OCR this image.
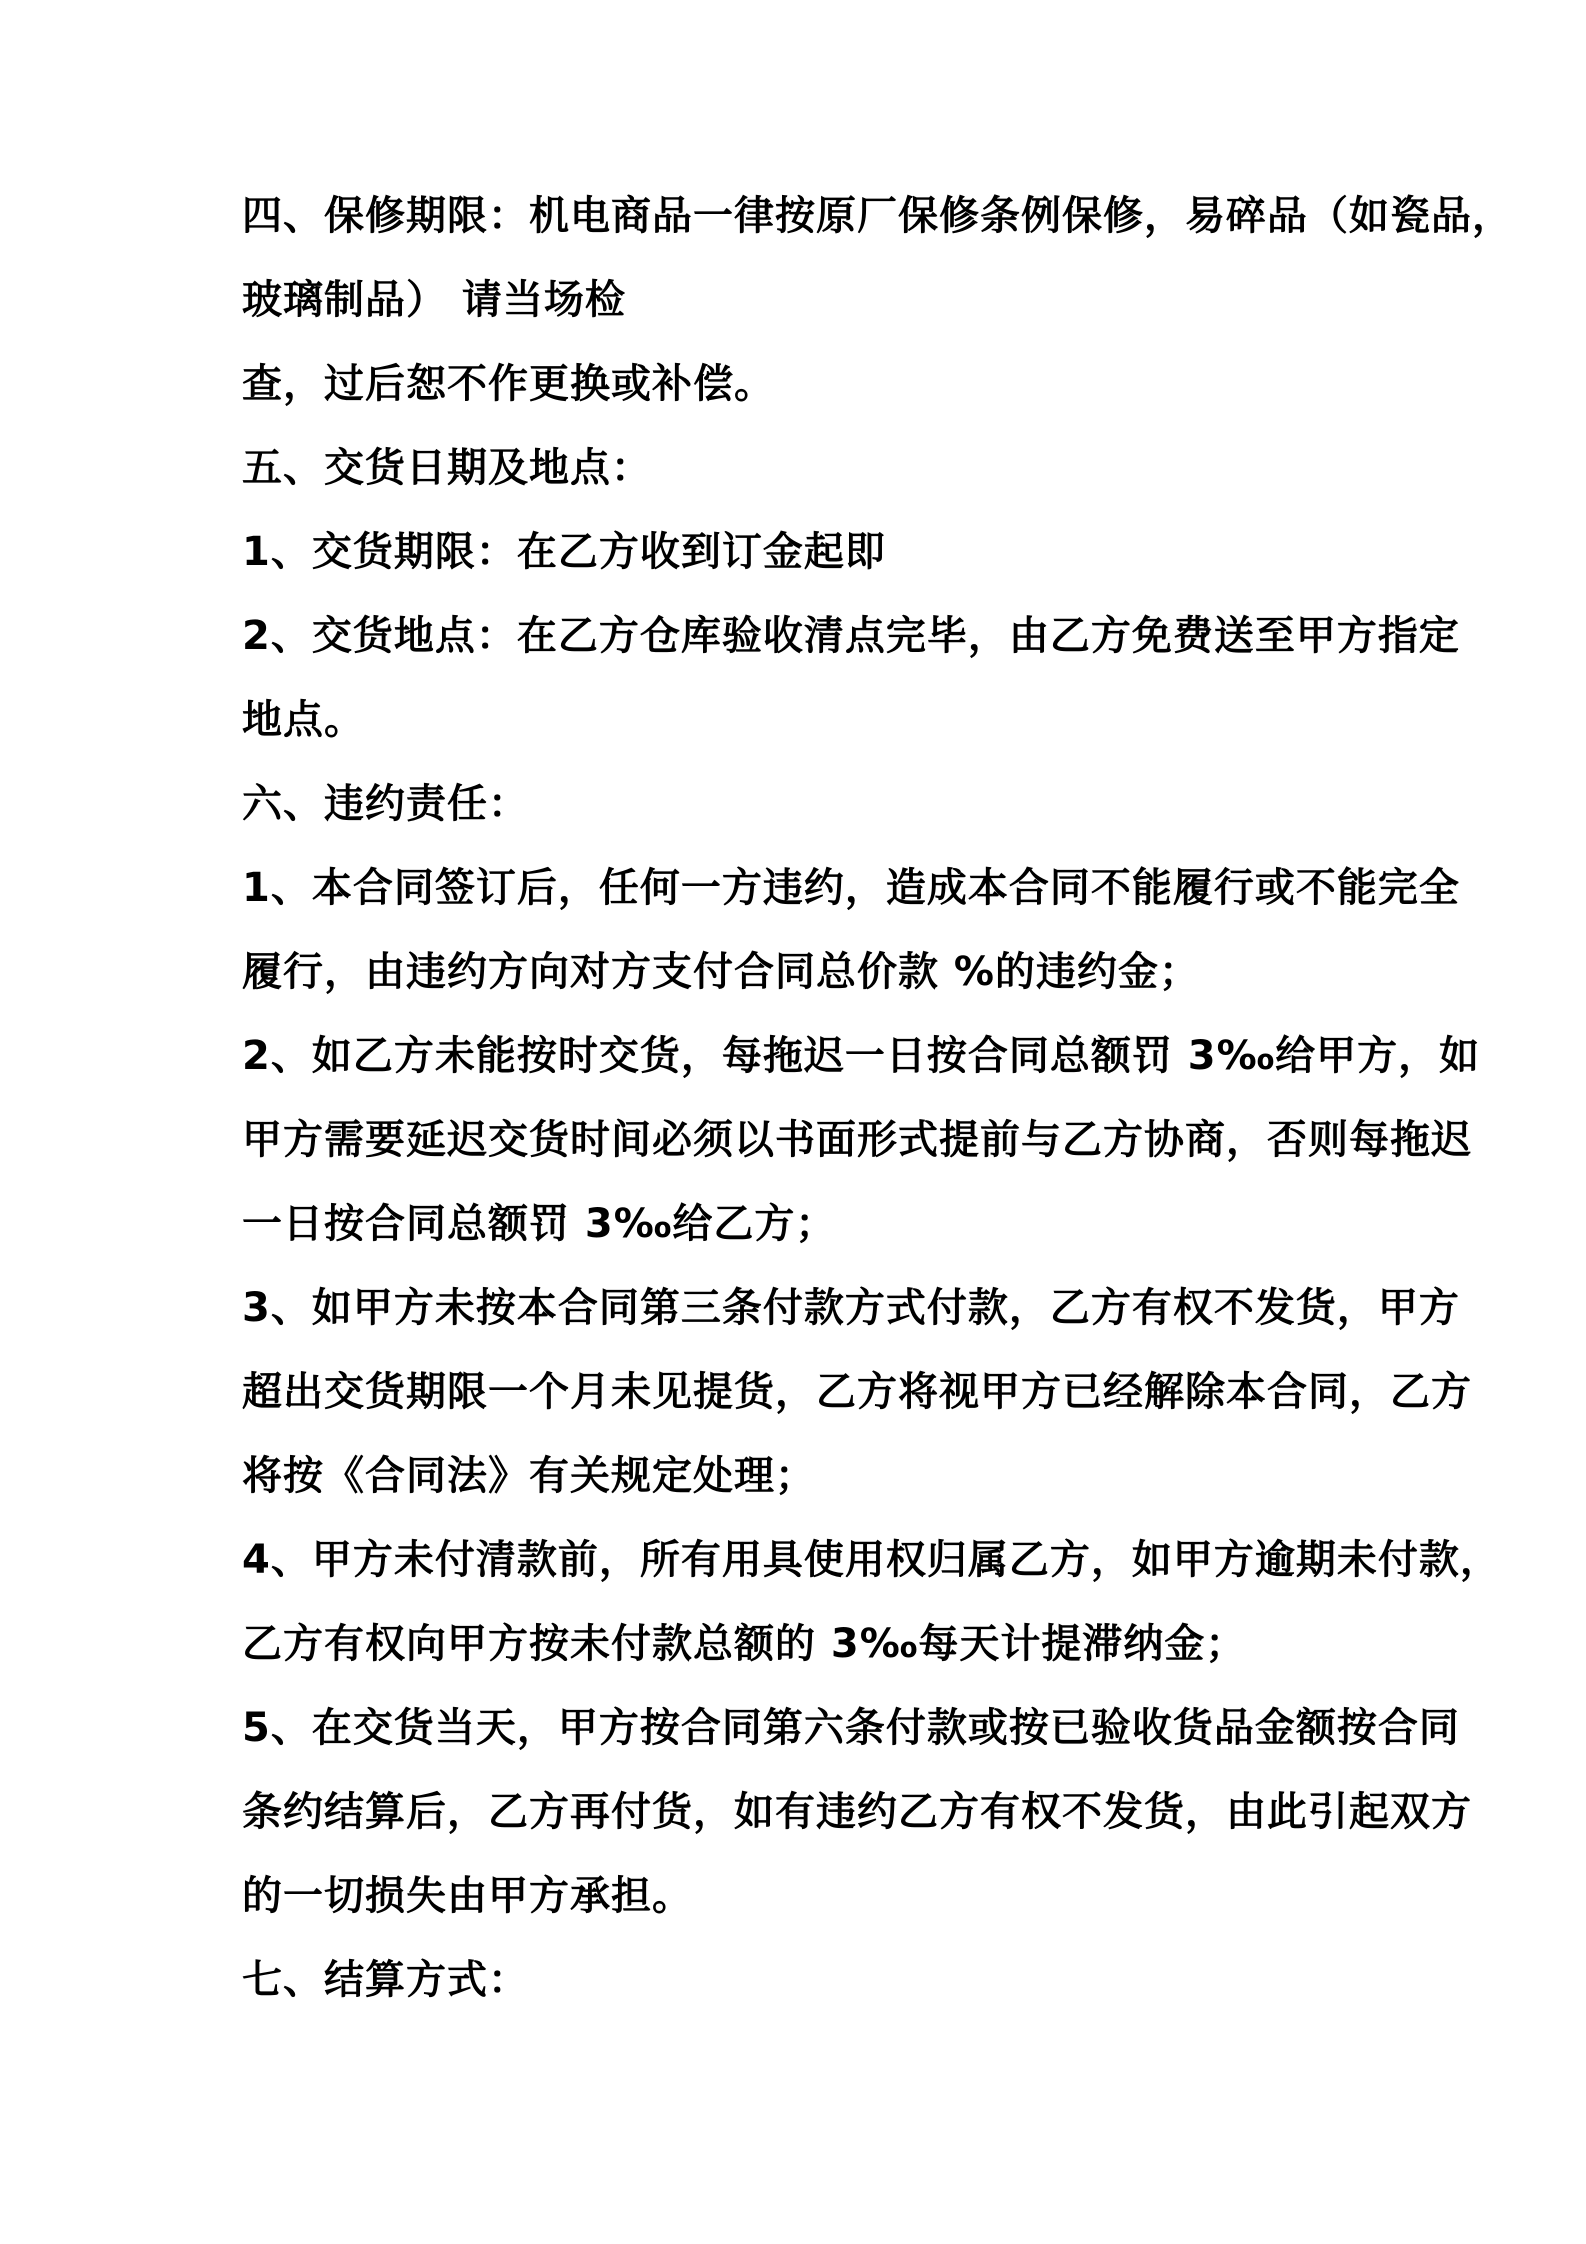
四、保修期限：机电商品一律按原厂保修条例保修，易碎品（如瓷品，
玻璃制品） 请当场检
查，过后恕不作更换或补偿。
五、交货日期及地点：
1、交货期限：在乙方收到订金起即
2、交货地点：在乙方仓库验收清点完毕，由乙方免费送至甲方指定
地点。
六、违约责任：
1、本合同签订后，任何一方违约，造成本合同不能履行或不能完全
履行，由违约方向对方支付合同总价款 %的违约金；
2、如乙方未能按时交货，每拖迟一日按合同总额罚 3‰给甲方，如
甲方需要延迟交货时间必须以书面形式提前与乙方协商，否则每拖迟
一日按合同总额罚 3‰给乙方；
3、如甲方未按本合同第三条付款方式付款，乙方有权不发货，甲方
超出交货期限一个月未见提货，乙方将视甲方已经解除本合同，乙方
将按《合同法》有关规定处理；
4、甲方未付清款前，所有用具使用权归属乙方，如甲方逾期未付款，
乙方有权向甲方按未付款总额的 3‰每天计提滞纳金；
5、在交货当天，甲方按合同第六条付款或按已验收货品金额按合同
条约结算后，乙方再付货，如有违约乙方有权不发货，由此引起双方
的一切损失由甲方承担。
七、结算方式：
